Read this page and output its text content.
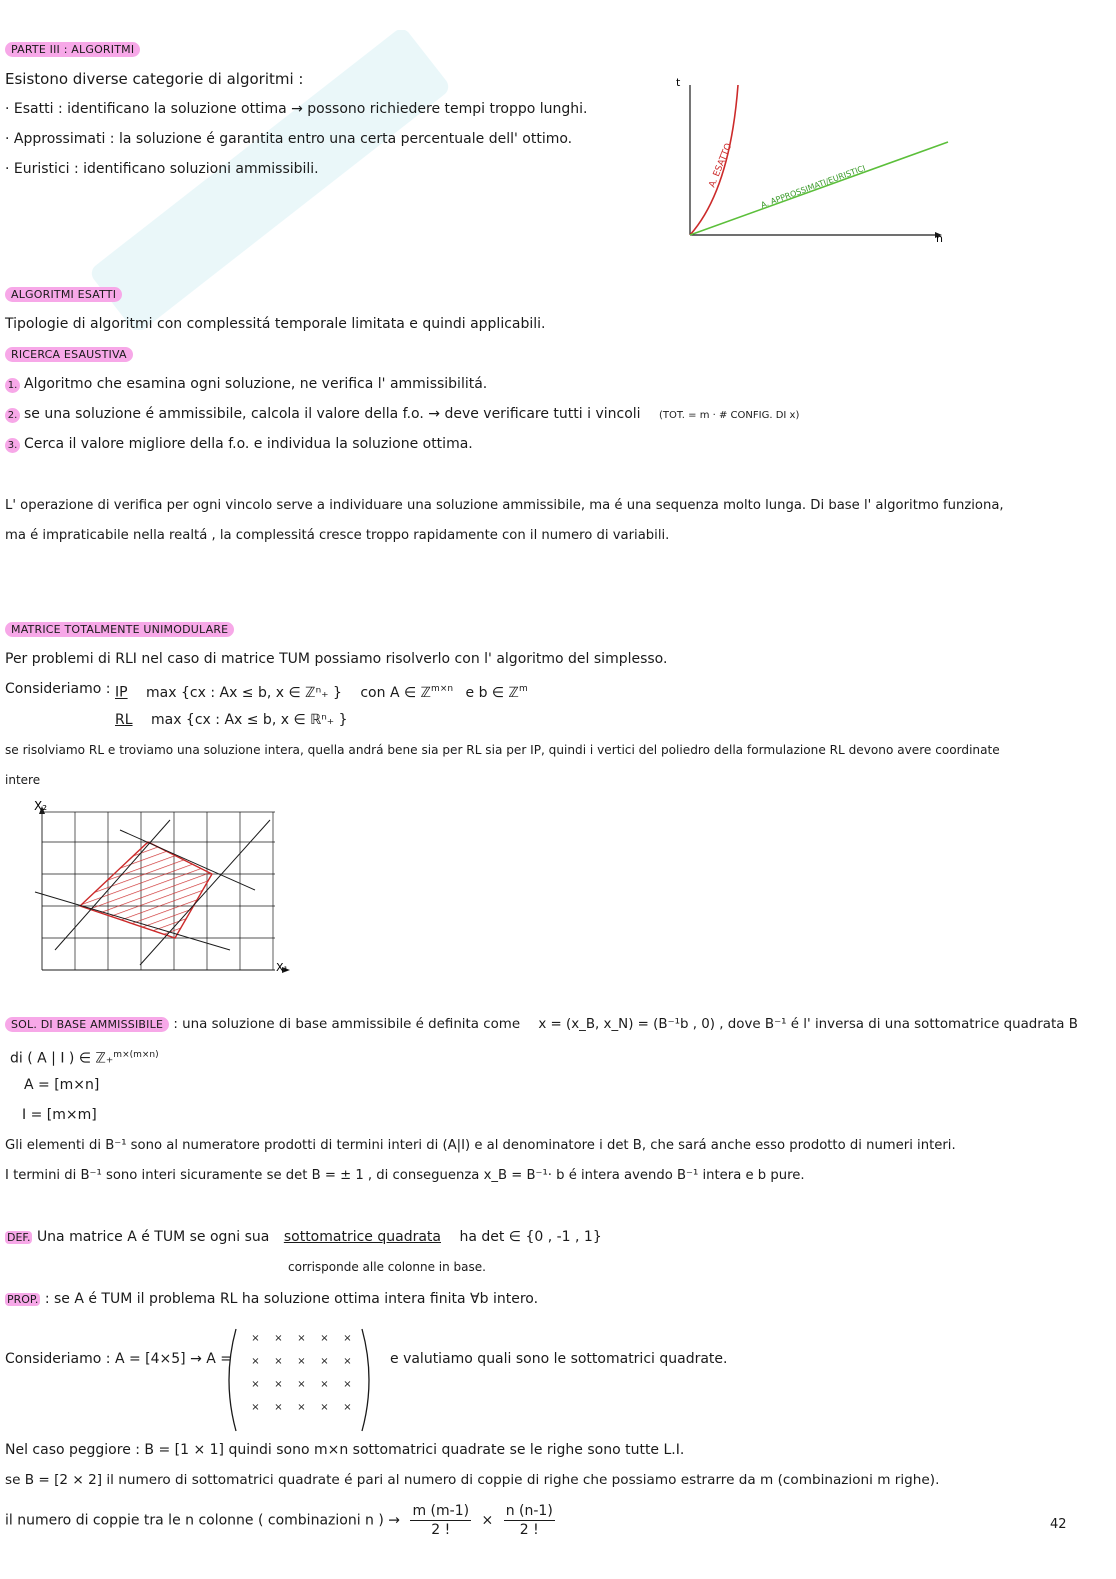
PARTE III : ALGORITMI
Esistono diverse categorie di algoritmi :
· Esatti : identificano la soluzione ottima → possono richiedere tempi troppo lunghi.
· Approssimati : la soluzione é garantita entro una certa percentuale dell' ottimo.
· Euristici : identificano soluzioni ammissibili.
t
n
A. ESATTO	A. APPROSSIMATI/EURISTICI
ALGORITMI ESATTI
Tipologie di algoritmi con complessitá temporale limitata e quindi applicabili.
RICERCA ESAUSTIVA
1. Algoritmo che esamina ogni soluzione, ne verifica l' ammissibilitá.
2. se una soluzione é ammissibile, calcola il valore della f.o. → deve verificare tutti i vincoli (TOT. = m · # CONFIG. DI x)
3. Cerca il valore migliore della f.o. e individua la soluzione ottima.
L' operazione di verifica per ogni vincolo serve a individuare una soluzione ammissibile, ma é una sequenza molto lunga. Di base l' algoritmo funziona,
ma é impraticabile nella realtá , la complessitá cresce troppo rapidamente con il numero di variabili.
MATRICE TOTALMENTE UNIMODULARE
Per problemi di RLI nel caso di matrice TUM possiamo risolverlo con l' algoritmo del simplesso.
Consideriamo : IP max {cx : Ax ≤ b, x ∈ ℤⁿ₊ } con A ∈ ℤ$^{m\times n}$ e b ∈ ℤ$^m$
RL max {cx : Ax ≤ b, x ∈ ℝⁿ₊ }
se risolviamo RL e troviamo una soluzione intera, quella andrá bene sia per RL sia per IP, quindi i vertici del poliedro della formulazione RL devono avere coordinate
intere
X₂
X₁
SOL. DI BASE AMMISSIBILE : una soluzione di base ammissibile é definita come x = (x_B, x_N) = (B⁻¹b , 0) , dove B⁻¹ é l' inversa di una sottomatrice quadrata B
di ( A | I ) ∈ ℤ₊$^{m\times(m\times n)}$
A = [m×n]
I = [m×m]
Gli elementi di B⁻¹ sono al numeratore prodotti di termini interi di (A|I) e al denominatore i det B, che sará anche esso prodotto di numeri interi.
I termini di B⁻¹ sono interi sicuramente se det B = ± 1 , di conseguenza x_B = B⁻¹· b é intera avendo B⁻¹ intera e b pure.
DEF. Una matrice A é TUM se ogni sua sottomatrice quadrata ha det ∈ {0 , -1 , 1}
corrisponde alle colonne in base.
PROP. : se A é TUM il problema RL ha soluzione ottima intera finita ∀b intero.
Consideriamo : A = [4×5] → A =
×	×	×	×	×
×	×	×	×	×
×	×	×	×	×
×	×	×	×	×
e valutiamo quali sono le sottomatrici quadrate.
Nel caso peggiore : B = [1 × 1] quindi sono m×n sottomatrici quadrate se le righe sono tutte L.I.
se B = [2 × 2] il numero di sottomatrici quadrate é pari al numero di coppie di righe che possiamo estrarre da m (combinazioni m righe).
il numero di coppie tra le n colonne ( combinazioni n ) → $\frac{m (m-1)}{2 !} \times \frac{n (n-1)}{2 !}$	42
